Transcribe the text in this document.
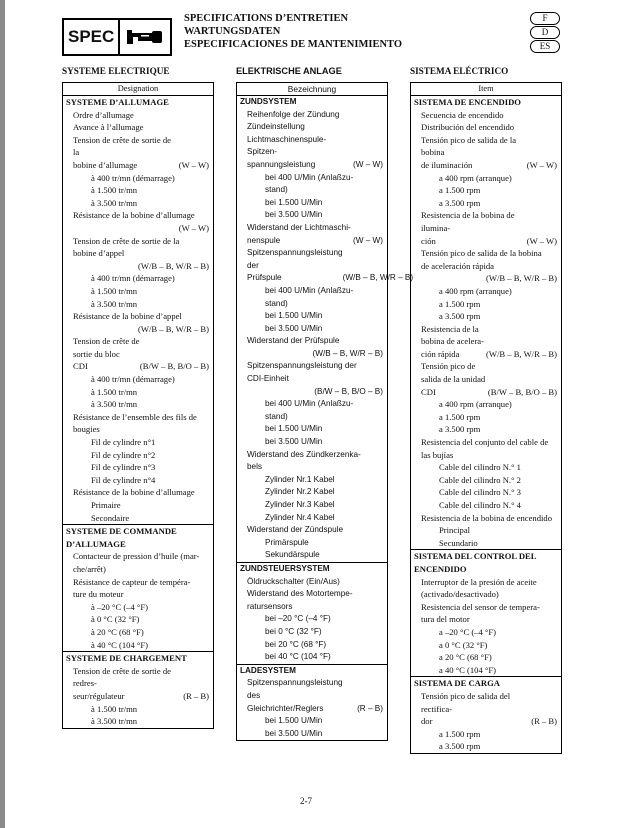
SPEC
SPECIFICATIONS D’ENTRETIEN
WARTUNGSDATEN
ESPECIFICACIONES DE MANTENIMIENTO
F
D
ES
SYSTEME ELECTRIQUE
Designation
SYSTEME D’ALLUMAGE
Ordre d’allumage
Avance à l’allumage
Tension de crête de sortie de la
bobine d’allumage	(W – W)
à 400 tr/mn (démarrage)
à 1.500 tr/mn
à 3.500 tr/mn
Résistance de la bobine d’allumage
(W – W)
Tension de crête de sortie de la
bobine d’appel
(W/B – B, W/R – B)
à 400 tr/mn (démarrage)
à 1.500 tr/mn
à 3.500 tr/mn
Résistance de la bobine d’appel
(W/B – B, W/R – B)
Tension de crête de sortie du bloc
CDI	(B/W – B, B/O – B)
à 400 tr/mn (démarrage)
à 1.500 tr/mn
à 3.500 tr/mn
Résistance de l’ensemble des fils de
bougies
Fil de cylindre n°1
Fil de cylindre n°2
Fil de cylindre n°3
Fil de cylindre n°4
Résistance de la bobine d’allumage
Primaire
Secondaire
SYSTEME DE COMMANDE
D’ALLUMAGE
Contacteur de pression d’huile (mar-
che/arrêt)
Résistance de capteur de tempéra-
ture du moteur
à –20 °C (–4 °F)
à 0 °C (32 °F)
à 20 °C (68 °F)
à 40 °C (104 °F)
SYSTEME DE CHARGEMENT
Tension de crête de sortie de redres-
seur/régulateur	(R – B)
à 1.500 tr/mn
à 3.500 tr/mn
ELEKTRISCHE ANLAGE
Bezeichnung
ZUNDSYSTEM
Reihenfolge der Zündung
Zündeinstellung
Lichtmaschinenspule-Spitzen-
spannungsleistung	(W – W)
bei 400 U/Min (Anlaßzu-
stand)
bei 1.500 U/Min
bei 3.500 U/Min
Widerstand der Lichtmaschi-
nenspule	(W – W)
Spitzenspannungsleistung der
Prüfspule	(W/B – B, W/R – B)
bei 400 U/Min (Anlaßzu-
stand)
bei 1.500 U/Min
bei 3.500 U/Min
Widerstand der Prüfspule
(W/B – B, W/R – B)
Spitzenspannungsleistung der
CDI-Einheit
(B/W – B, B/O – B)
bei 400 U/Min (Anlaßzu-
stand)
bei 1.500 U/Min
bei 3.500 U/Min
Widerstand des Zündkerzenka-
bels
Zylinder Nr.1 Kabel
Zylinder Nr.2 Kabel
Zylinder Nr.3 Kabel
Zylinder Nr.4 Kabel
Widerstand der Zündspule
Primärspule
Sekundärspule
ZUNDSTEUERSYSTEM
Öldruckschalter (Ein/Aus)
Widerstand des Motortempe-
ratursensors
bei –20 °C (–4 °F)
bei 0 °C (32 °F)
bei 20 °C (68 °F)
bei 40 °C (104 °F)
LADESYSTEM
Spitzenspannungsleistung des
Gleichrichter/Reglers	(R – B)
bei 1.500 U/Min
bei 3.500 U/Min
SISTEMA ELÉCTRICO
Item
SISTEMA DE ENCENDIDO
Secuencia de encendido
Distribución del encendido
Tensión pico de salida de la bobina
de iluminación	(W – W)
a 400 rpm (arranque)
a 1.500 rpm
a 3.500 rpm
Resistencia de la bobina de ilumina-
ción	(W – W)
Tensión pico de salida de la bobina
de aceleración rápida
(W/B – B, W/R – B)
a 400 rpm (arranque)
a 1.500 rpm
a 3.500 rpm
Resistencia de la bobina de acelera-
ción rápida	(W/B – B, W/R – B)
Tensión pico de salida de la unidad
CDI	(B/W – B, B/O – B)
a 400 rpm (arranque)
a 1.500 rpm
a 3.500 rpm
Resistencia del conjunto del cable de
las bujías
Cable del cilindro N.° 1
Cable del cilindro N.° 2
Cable del cilindro N.° 3
Cable del cilindro N.° 4
Resistencia de la bobina de encendido
Principal
Secundario
SISTEMA DEL CONTROL DEL
ENCENDIDO
Interruptor de la presión de aceite
(activado/desactivado)
Resistencia del sensor de tempera-
tura del motor
a –20 °C (–4 °F)
a 0 °C (32 °F)
a 20 °C (68 °F)
a 40 °C (104 °F)
SISTEMA DE CARGA
Tensión pico de salida del rectifica-
dor	(R – B)
a 1.500 rpm
a 3.500 rpm
2-7
